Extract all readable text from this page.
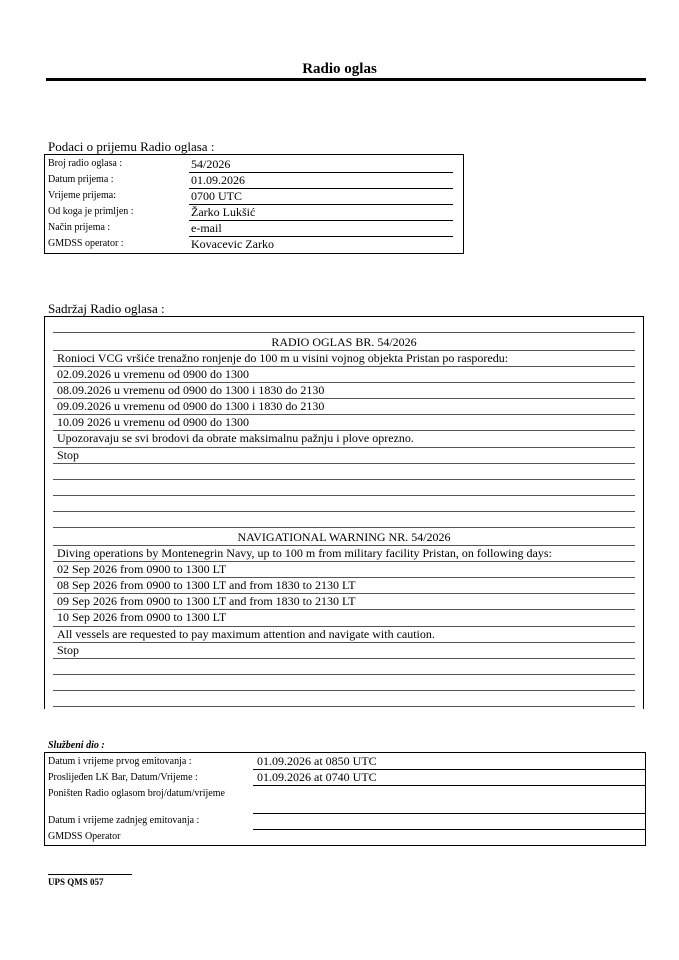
Radio oglas
Podaci o prijemu Radio oglasa :
Broj radio oglasa :	54/2026
Datum prijema :	01.09.2026
Vrijeme prijema:	0700 UTC
Od koga je primljen :	Žarko Lukšić
Način prijema :	e-mail
GMDSS operator :	Kovacevic Zarko
Sadržaj Radio oglasa :
RADIO OGLAS BR. 54/2026
Ronioci VCG vršiće trenažno ronjenje do 100 m u visini vojnog objekta Pristan po rasporedu:
02.09.2026 u vremenu od 0900 do 1300
08.09.2026 u vremenu od 0900 do 1300 i 1830 do 2130
09.09.2026 u vremenu od 0900 do 1300 i 1830 do 2130
10.09 2026 u vremenu od 0900 do 1300
Upozoravaju se svi brodovi da obrate maksimalnu pažnju i plove oprezno.
Stop
NAVIGATIONAL WARNING NR. 54/2026
Diving operations by Montenegrin Navy, up to 100 m from military facility Pristan, on following days:
02 Sep 2026 from 0900 to 1300 LT
08 Sep 2026 from 0900 to 1300 LT and from 1830 to 2130 LT
09 Sep 2026 from 0900 to 1300 LT and from 1830 to 2130 LT
10 Sep 2026 from 0900 to 1300 LT
All vessels are requested to pay maximum attention and navigate with caution.
Stop
Službeni dio :
Datum i vrijeme prvog emitovanja :	01.09.2026 at 0850 UTC
Proslijeđen LK Bar, Datum/Vrijeme :	01.09.2026 at 0740 UTC
Poništen Radio oglasom broj/datum/vrijeme
Datum i vrijeme zadnjeg emitovanja :
GMDSS Operator
UPS QMS 057
